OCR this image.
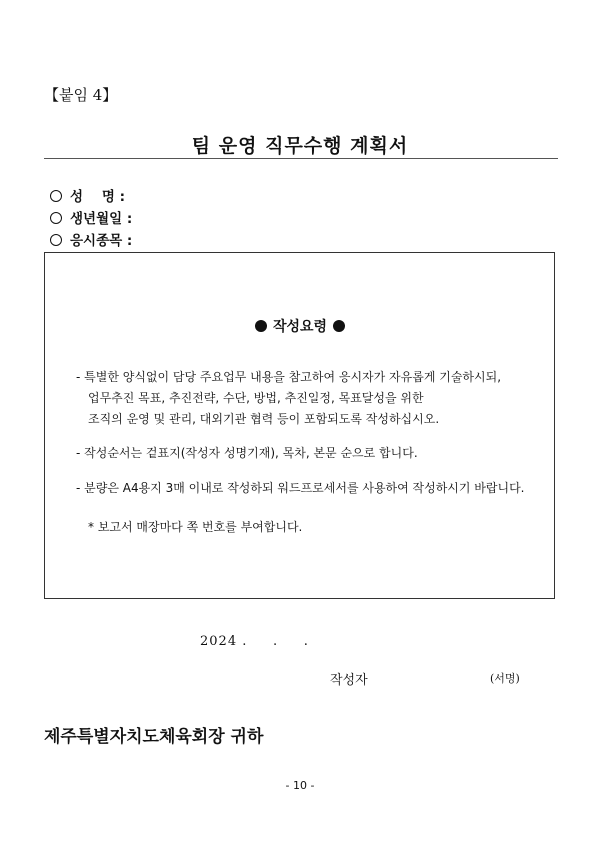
【붙임 4】
팀 운영 직무수행 계획서
성    명 :
생년월일 :
응시종목 :
작성요령
- 특별한 양식없이 담당 주요업무 내용을 참고하여 응시자가 자유롭게 기술하시되,
업무추진 목표, 추진전략, 수단, 방법, 추진일정, 목표달성을 위한
조직의 운영 및 관리, 대외기관 협력 등이 포함되도록 작성하십시오.
- 작성순서는 겉표지(작성자 성명기재), 목차, 본문 순으로 합니다.
- 분량은 A4용지 3매 이내로 작성하되 워드프로세서를 사용하여 작성하시기 바랍니다.
* 보고서 매장마다 쪽 번호를 부여합니다.
2024 .     .     .
작성자	(서명)
제주특별자치도체육회장 귀하
- 10 -
